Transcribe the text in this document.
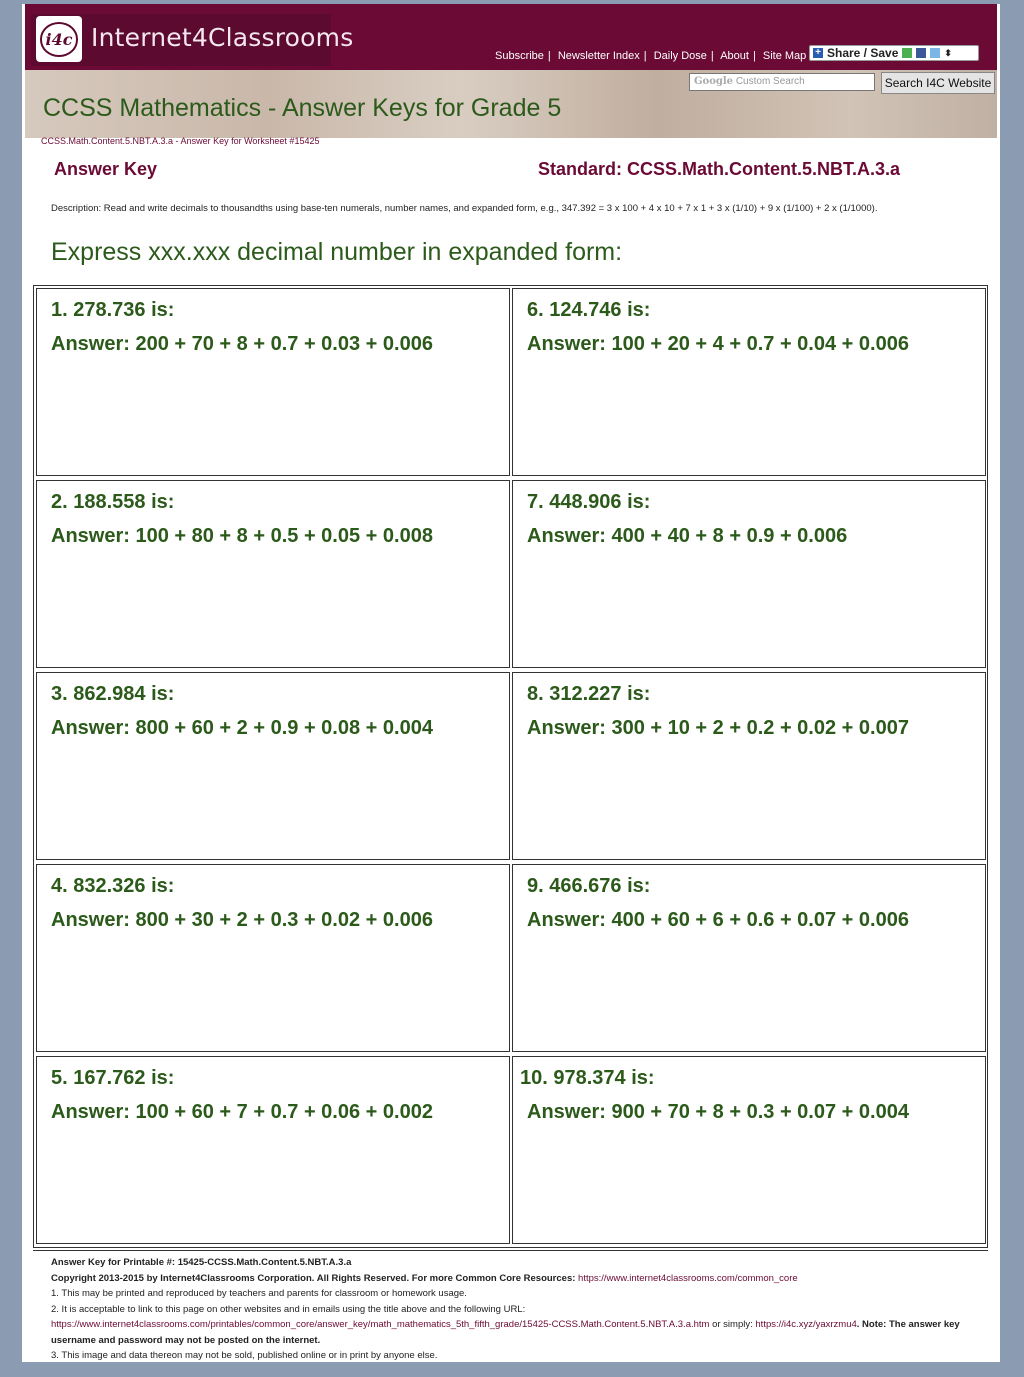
i4c Internet4Classrooms
Subscribe | Newsletter Index | Daily Dose | About | Site Map + Share / Save	⬍
Google Custom Search	Search I4C Website
CCSS Mathematics - Answer Keys for Grade 5
CCSS.Math.Content.5.NBT.A.3.a - Answer Key for Worksheet #15425
Answer Key	Standard: CCSS.Math.Content.5.NBT.A.3.a
Description: Read and write decimals to thousandths using base-ten numerals, number names, and expanded form, e.g., 347.392 = 3 x 100 + 4 x 10 + 7 x 1 + 3 x (1/10) + 9 x (1/100) + 2 x (1/1000).
Express xxx.xxx decimal number in expanded form:
1. 278.736 is:
Answer: 200 + 70 + 8 + 0.7 + 0.03 + 0.006
6. 124.746 is:
Answer: 100 + 20 + 4 + 0.7 + 0.04 + 0.006
2. 188.558 is:
Answer: 100 + 80 + 8 + 0.5 + 0.05 + 0.008
7. 448.906 is:
Answer: 400 + 40 + 8 + 0.9 + 0.006
3. 862.984 is:
Answer: 800 + 60 + 2 + 0.9 + 0.08 + 0.004
8. 312.227 is:
Answer: 300 + 10 + 2 + 0.2 + 0.02 + 0.007
4. 832.326 is:
Answer: 800 + 30 + 2 + 0.3 + 0.02 + 0.006
9. 466.676 is:
Answer: 400 + 60 + 6 + 0.6 + 0.07 + 0.006
5. 167.762 is:
Answer: 100 + 60 + 7 + 0.7 + 0.06 + 0.002
10. 978.374 is:
Answer: 900 + 70 + 8 + 0.3 + 0.07 + 0.004
Answer Key for Printable #: 15425-CCSS.Math.Content.5.NBT.A.3.a
Copyright 2013-2015 by Internet4Classrooms Corporation. All Rights Reserved. For more Common Core Resources: https://www.internet4classrooms.com/common_core
1. This may be printed and reproduced by teachers and parents for classroom or homework usage.
2. It is acceptable to link to this page on other websites and in emails using the title above and the following URL:
https://www.internet4classrooms.com/printables/common_core/answer_key/math_mathematics_5th_fifth_grade/15425-CCSS.Math.Content.5.NBT.A.3.a.htm or simply: https://i4c.xyz/yaxrzmu4. Note: The answer key username and password may not be posted on the internet.
3. This image and data thereon may not be sold, published online or in print by anyone else.
